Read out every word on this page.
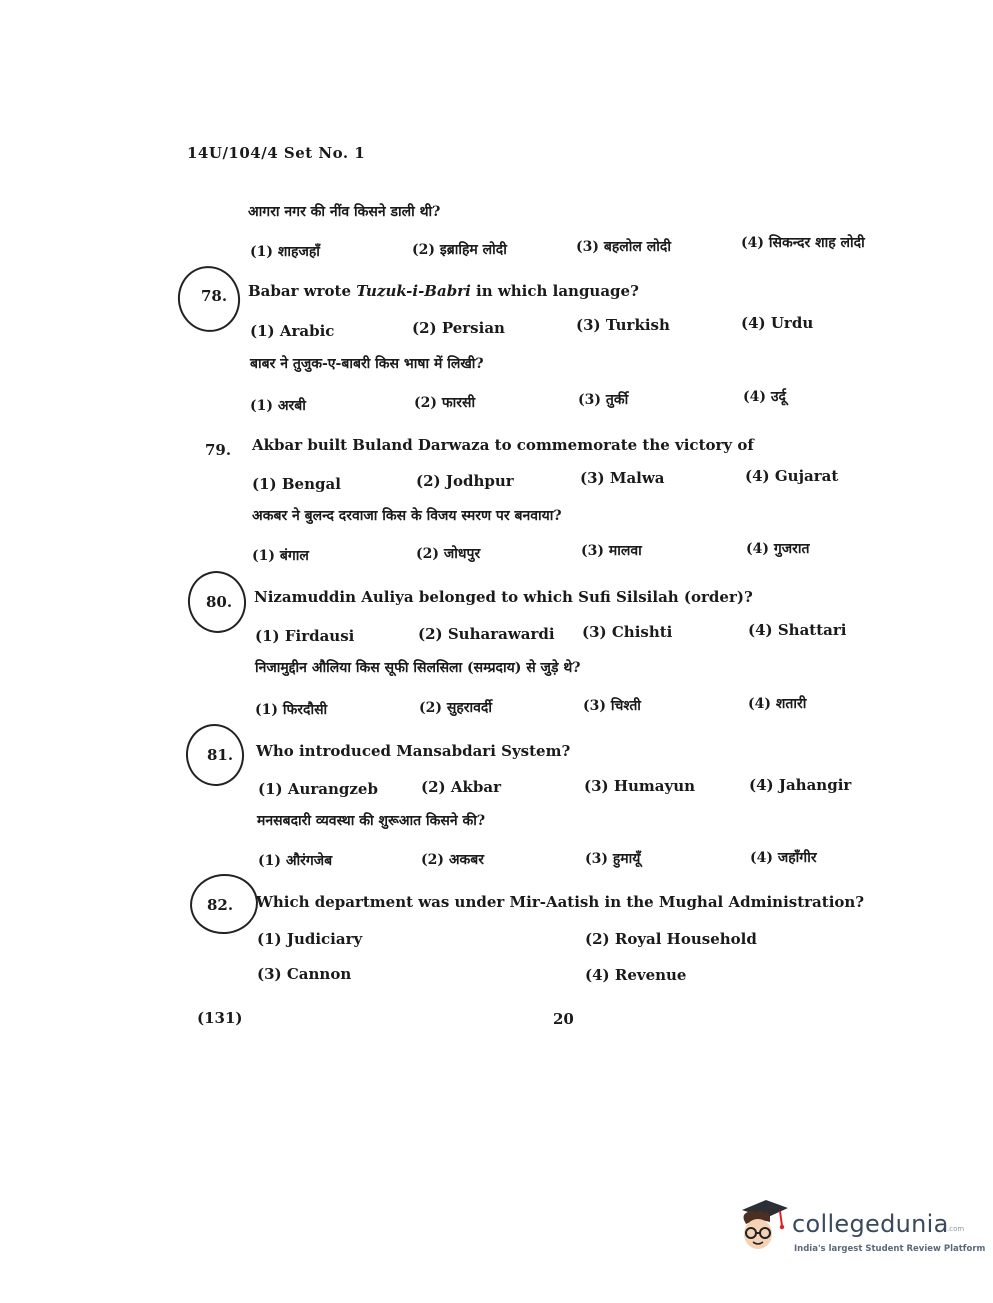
14U/104/4 Set No. 1
आगरा नगर की नींव किसने डाली थी?
(1) शाहजहाँ	(2) इब्राहिम लोदी	(3) बहलोल लोदी	(4) सिकन्दर शाह लोदी
78. Babar wrote Tuzuk-i-Babri in which language?
(1) Arabic	(2) Persian	(3) Turkish	(4) Urdu
बाबर ने तुजुक-ए-बाबरी किस भाषा में लिखी?
(1) अरबी	(2) फारसी	(3) तुर्की	(4) उर्दू
79. Akbar built Buland Darwaza to commemorate the victory of
(1) Bengal	(2) Jodhpur	(3) Malwa	(4) Gujarat
अकबर ने बुलन्द दरवाजा किस के विजय स्मरण पर बनवाया?
(1) बंगाल	(2) जोधपुर	(3) मालवा	(4) गुजरात
80. Nizamuddin Auliya belonged to which Sufi Silsilah (order)?
(1) Firdausi	(2) Suharawardi (3) Chishti	(4) Shattari
निजामुद्दीन औलिया किस सूफी सिलसिला (सम्प्रदाय) से जुड़े थे?
(1) फिरदौसी	(2) सुहरावर्दी	(3) चिश्ती	(4) शतारी
81. Who introduced Mansabdari System?
(1) Aurangzeb	(2) Akbar	(3) Humayun	(4) Jahangir
मनसबदारी व्यवस्था की शुरूआत किसने की?
(1) औरंगजेब	(2) अकबर	(3) हुमायूँ	(4) जहाँगीर
82. Which department was under Mir-Aatish in the Mughal Administration?
(1) Judiciary	(2) Royal Household
(3) Cannon	(4) Revenue
(131)	20
collegedunia
.com
India's largest Student Review Platform
